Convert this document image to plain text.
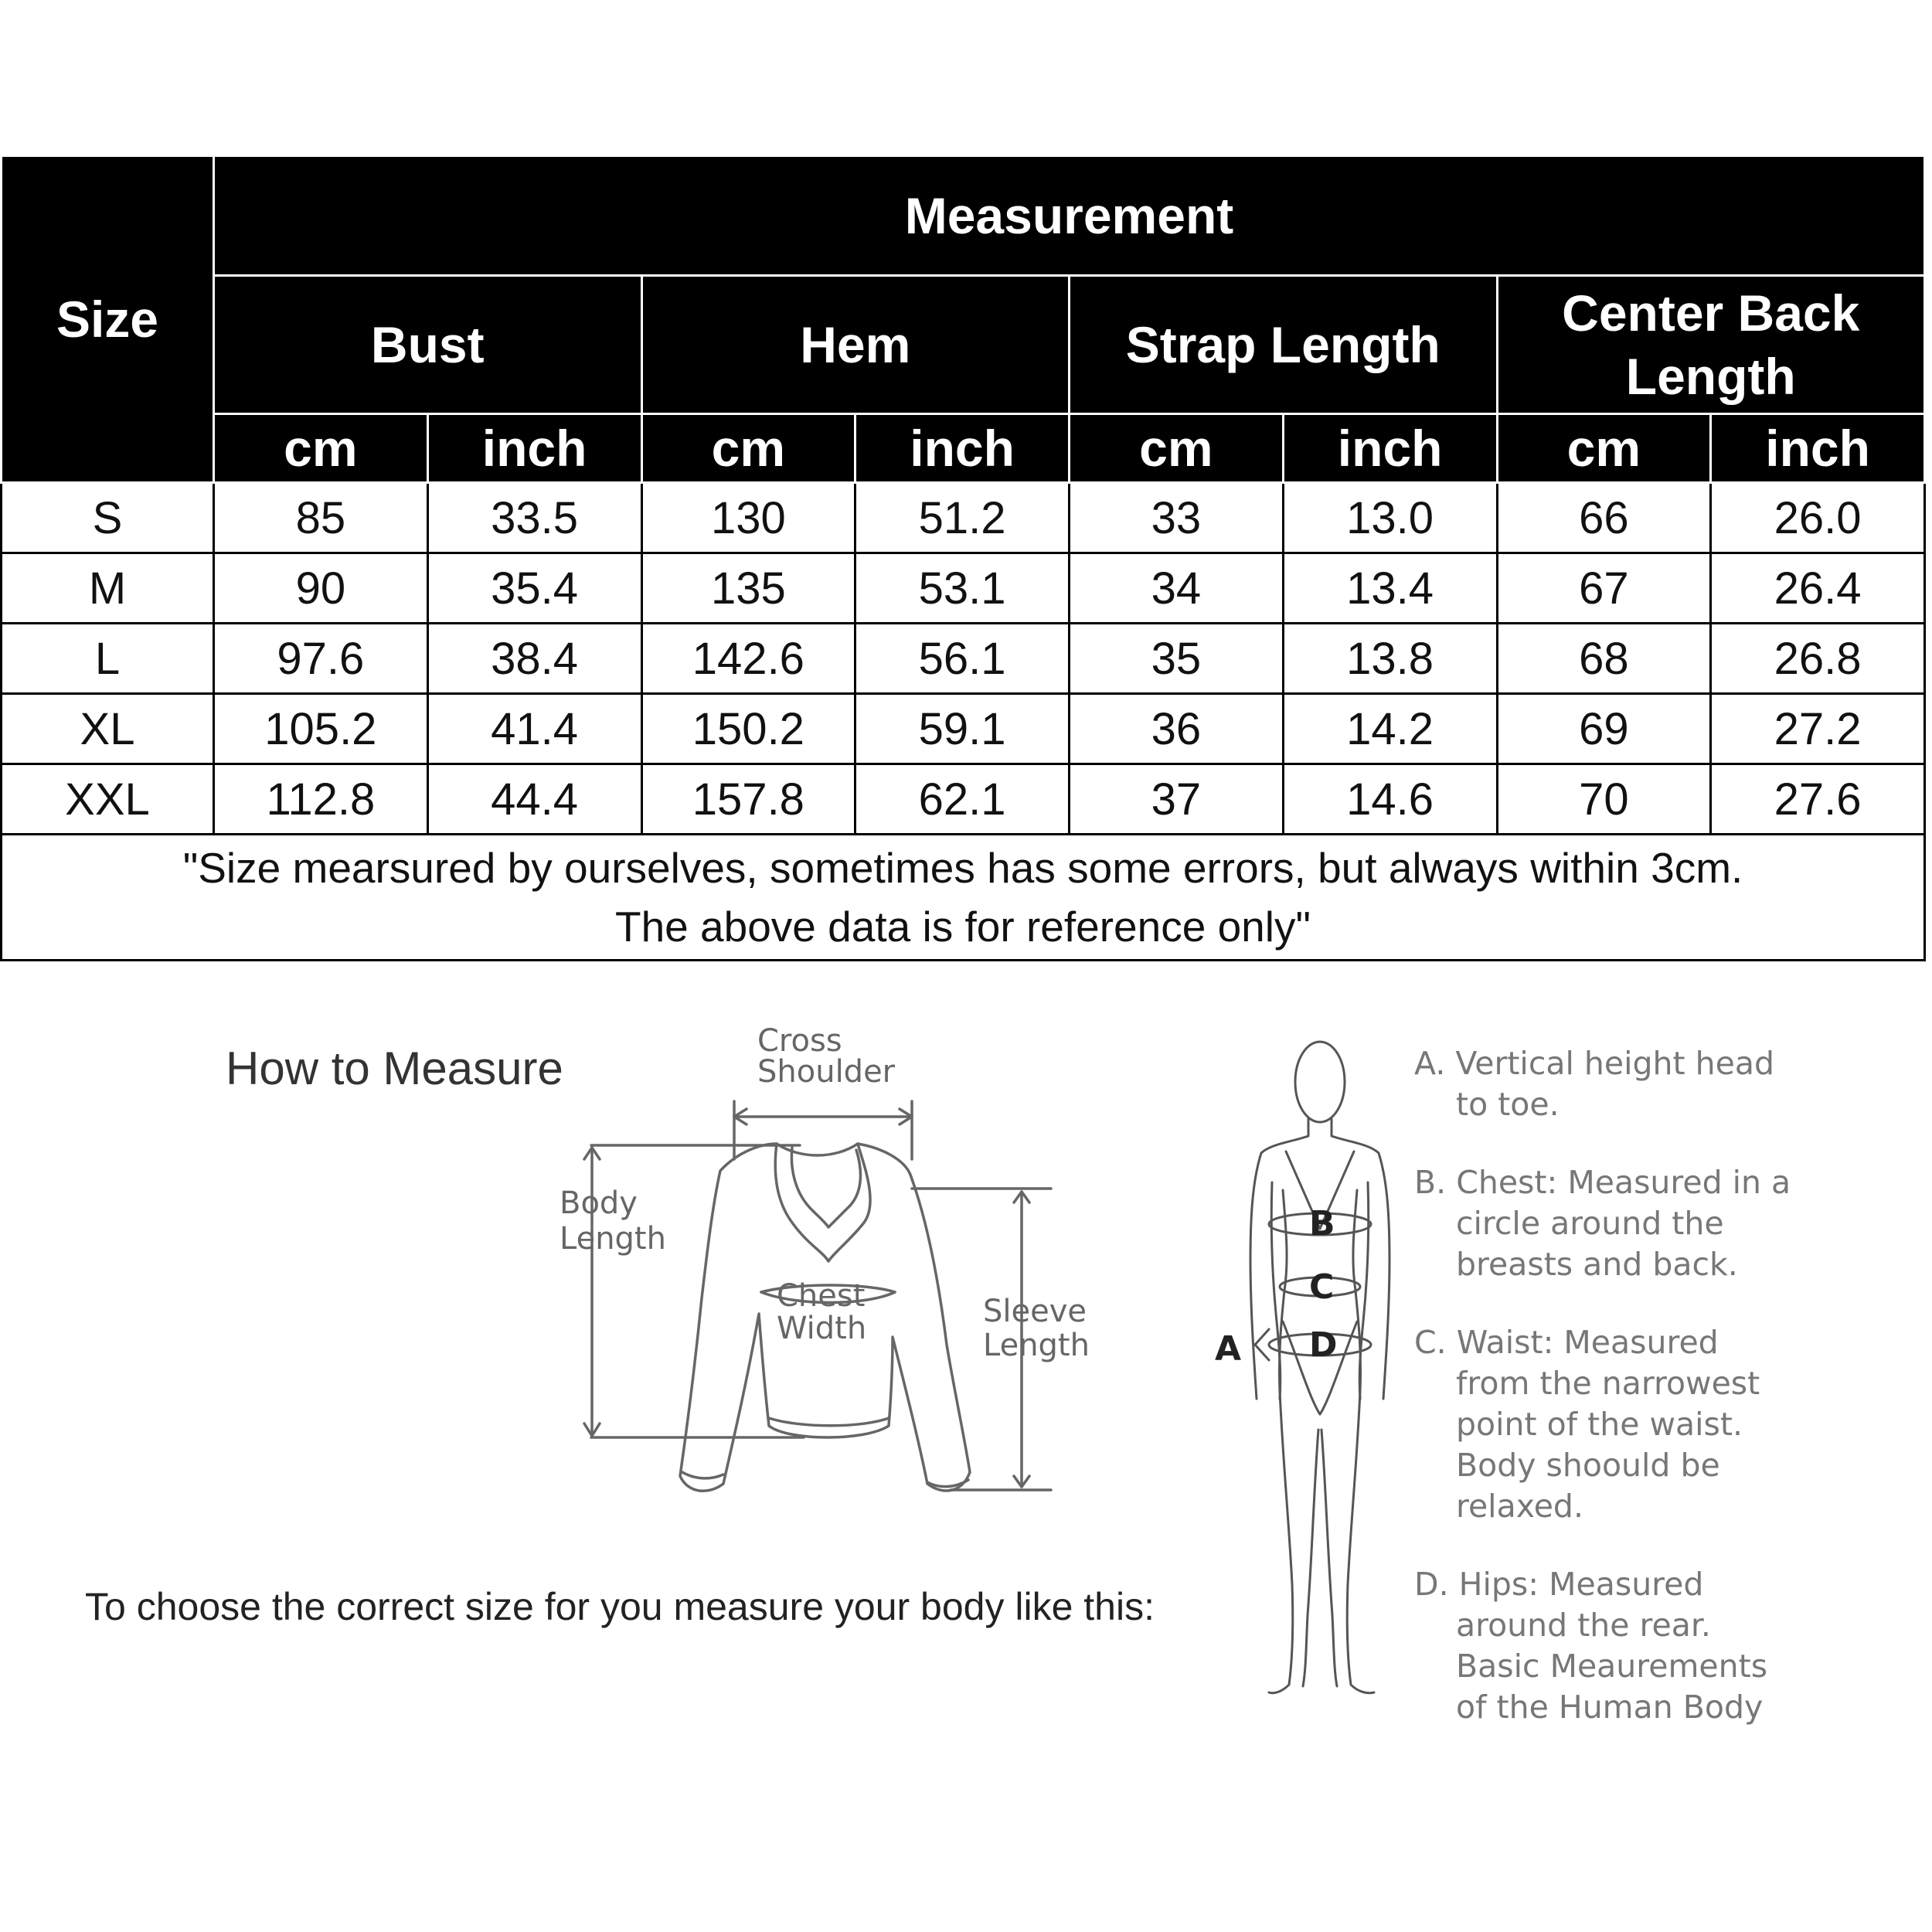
Size	Measurement							
	Bust		Hem		Strap Length		Center Back Length	
	cm	inch	cm	inch	cm	inch	cm	inch
S	85	33.5	130	51.2	33	13.0	66	26.0
M	90	35.4	135	53.1	34	13.4	67	26.4
L	97.6	38.4	142.6	56.1	35	13.8	68	26.8
XL	105.2	41.4	150.2	59.1	36	14.2	69	27.2
XXL	112.8	44.4	157.8	62.1	37	14.6	70	27.6

"Size mearsured by ourselves, sometimes has some errors, but always within 3cm.
The above data is for reference only"								
How to Measure
Cross
Shoulder
Body
Length
Chest
Width	Sleeve
Length
To choose the correct size for you measure your body like this:
B
C
D
A
A. Vertical height head
to toe.
B. Chest: Measured in a
circle around the
breasts and back.
C. Waist: Measured
from the narrowest
point of the waist.
Body shoould be
relaxed.
D. Hips: Measured
around the rear.
Basic Meaurements
of the Human Body
